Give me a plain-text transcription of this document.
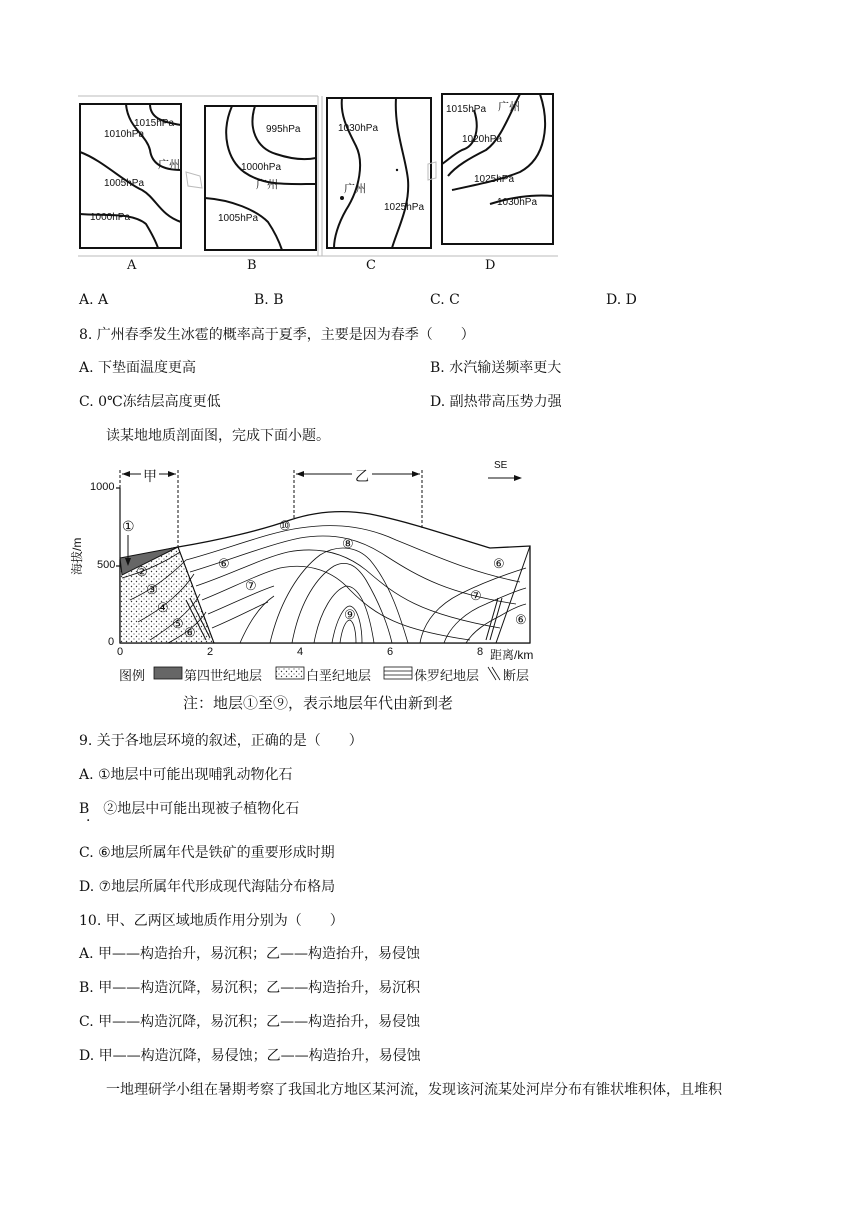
1015hPa
1010hPa
广州
1005hPa
1000hPa
995hPa
1000hPa
广州
1005hPa
1030hPa
广州
1025hPa
1015hPa 广州
1020hPa
1025hPa
1030hPa
A	B	C	D
A. A	B. B	C. C	D. D
8. 广州春季发生冰雹的概率高于夏季，主要是因为春季（　　）
A. 下垫面温度更高	B. 水汽输送频率更大
C. 0℃冻结层高度更低	D. 副热带高压势力强
读某地地质剖面图，完成下面小题。
甲	乙
SE
1000
500
0
海拔/m
0	2	4	6	8 距离/km
①
②
③
④
⑤
⑥
⑥
⑦
⑧
⑨
⑩
⑥
⑦
⑥
图例	第四世纪地层	白垩纪地层	侏罗纪地层 断层
注：地层①至⑨，表示地层年代由新到老
9. 关于各地层环境的叙述，正确的是（　　）
A. ①地层中可能出现哺乳动物化石
B　②地层中可能出现被子植物化石
·
C. ⑥地层所属年代是铁矿的重要形成时期
D. ⑦地层所属年代形成现代海陆分布格局
10. 甲、乙两区域地质作用分别为（　　）
A. 甲——构造抬升，易沉积；乙——构造抬升，易侵蚀
B. 甲——构造沉降，易沉积；乙——构造抬升，易沉积
C. 甲——构造沉降，易沉积；乙——构造抬升，易侵蚀
D. 甲——构造沉降，易侵蚀；乙——构造抬升，易侵蚀
一地理研学小组在暑期考察了我国北方地区某河流，发现该河流某处河岸分布有锥状堆积体，且堆积
